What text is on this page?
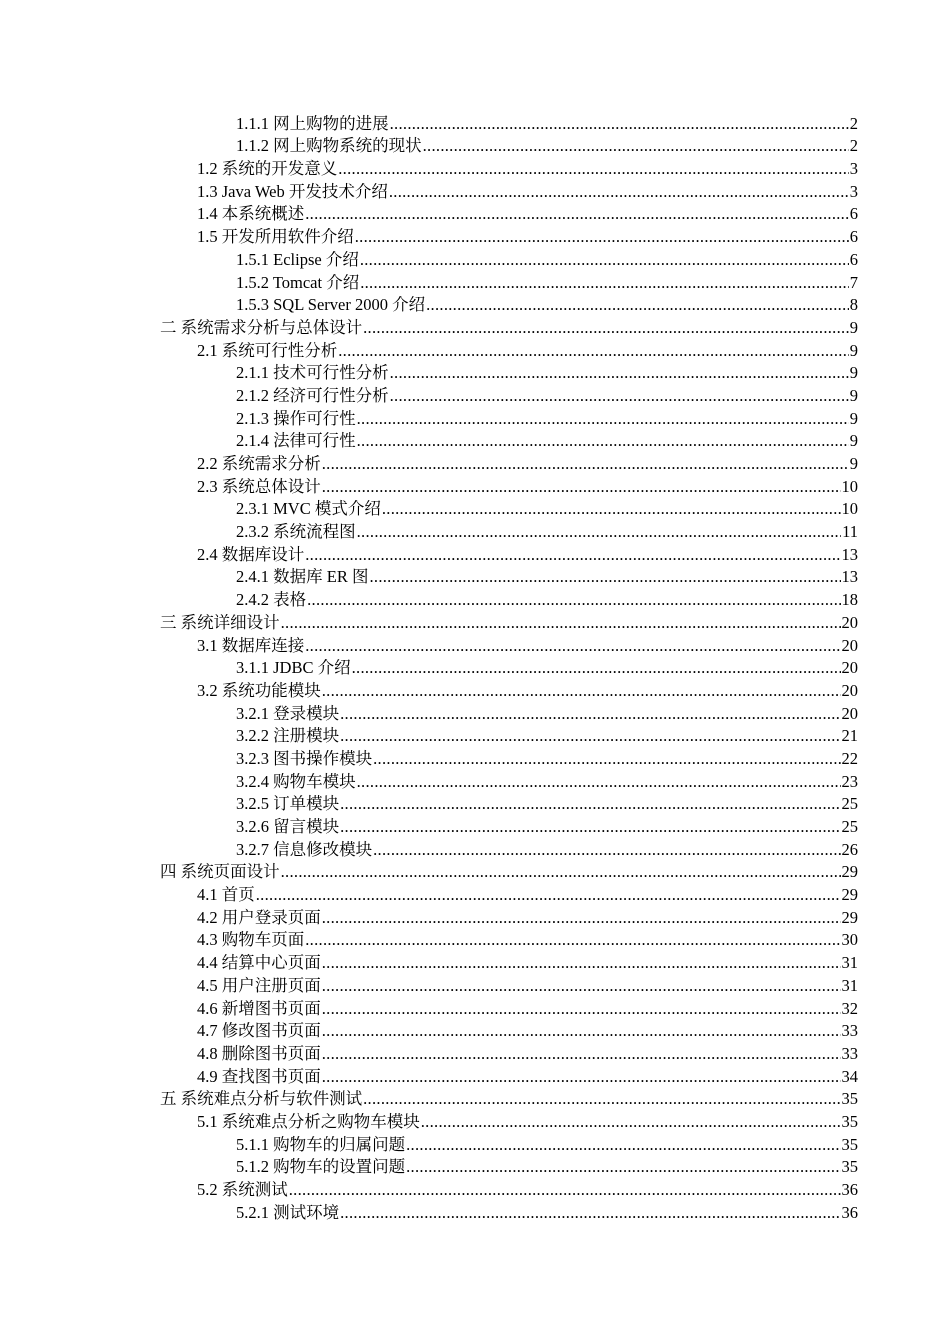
1.1.1 网上购物的进展 .....	2
1.1.2 网上购物系统的现状 .....	2
1.2 系统的开发意义 .....	3
1.3 Java Web 开发技术介绍 .....	3
1.4 本系统概述 .....	6
1.5 开发所用软件介绍 .....	6
1.5.1 Eclipse 介绍 .....	6
1.5.2 Tomcat 介绍 .....	7
1.5.3 SQL Server 2000 介绍 .....	8
二 系统需求分析与总体设计 .....	9
2.1 系统可行性分析 .....	9
2.1.1 技术可行性分析 .....	9
2.1.2 经济可行性分析 .....	9
2.1.3 操作可行性 .....	9
2.1.4 法律可行性 .....	9
2.2 系统需求分析 .....	9
2.3 系统总体设计 .....	10
2.3.1 MVC 模式介绍 .....	10
2.3.2 系统流程图 .....	11
2.4 数据库设计 .....	13
2.4.1 数据库 ER 图 .....	13
2.4.2 表格 .....	18
三 系统详细设计 .....	20
3.1 数据库连接 .....	20
3.1.1 JDBC 介绍 .....	20
3.2 系统功能模块 .....	20
3.2.1 登录模块 .....	20
3.2.2 注册模块 .....	21
3.2.3 图书操作模块 .....	22
3.2.4 购物车模块 .....	23
3.2.5 订单模块 .....	25
3.2.6 留言模块 .....	25
3.2.7 信息修改模块 .....	26
四 系统页面设计 .....	29
4.1 首页 .....	29
4.2 用户登录页面 .....	29
4.3 购物车页面 .....	30
4.4 结算中心页面 .....	31
4.5 用户注册页面 .....	31
4.6 新增图书页面 .....	32
4.7 修改图书页面 .....	33
4.8 删除图书页面 .....	33
4.9 查找图书页面 .....	34
五 系统难点分析与软件测试 .....	35
5.1 系统难点分析之购物车模块 .....	35
5.1.1 购物车的归属问题 .....	35
5.1.2 购物车的设置问题 .....	35
5.2 系统测试 .....	36
5.2.1 测试环境 .....	36
